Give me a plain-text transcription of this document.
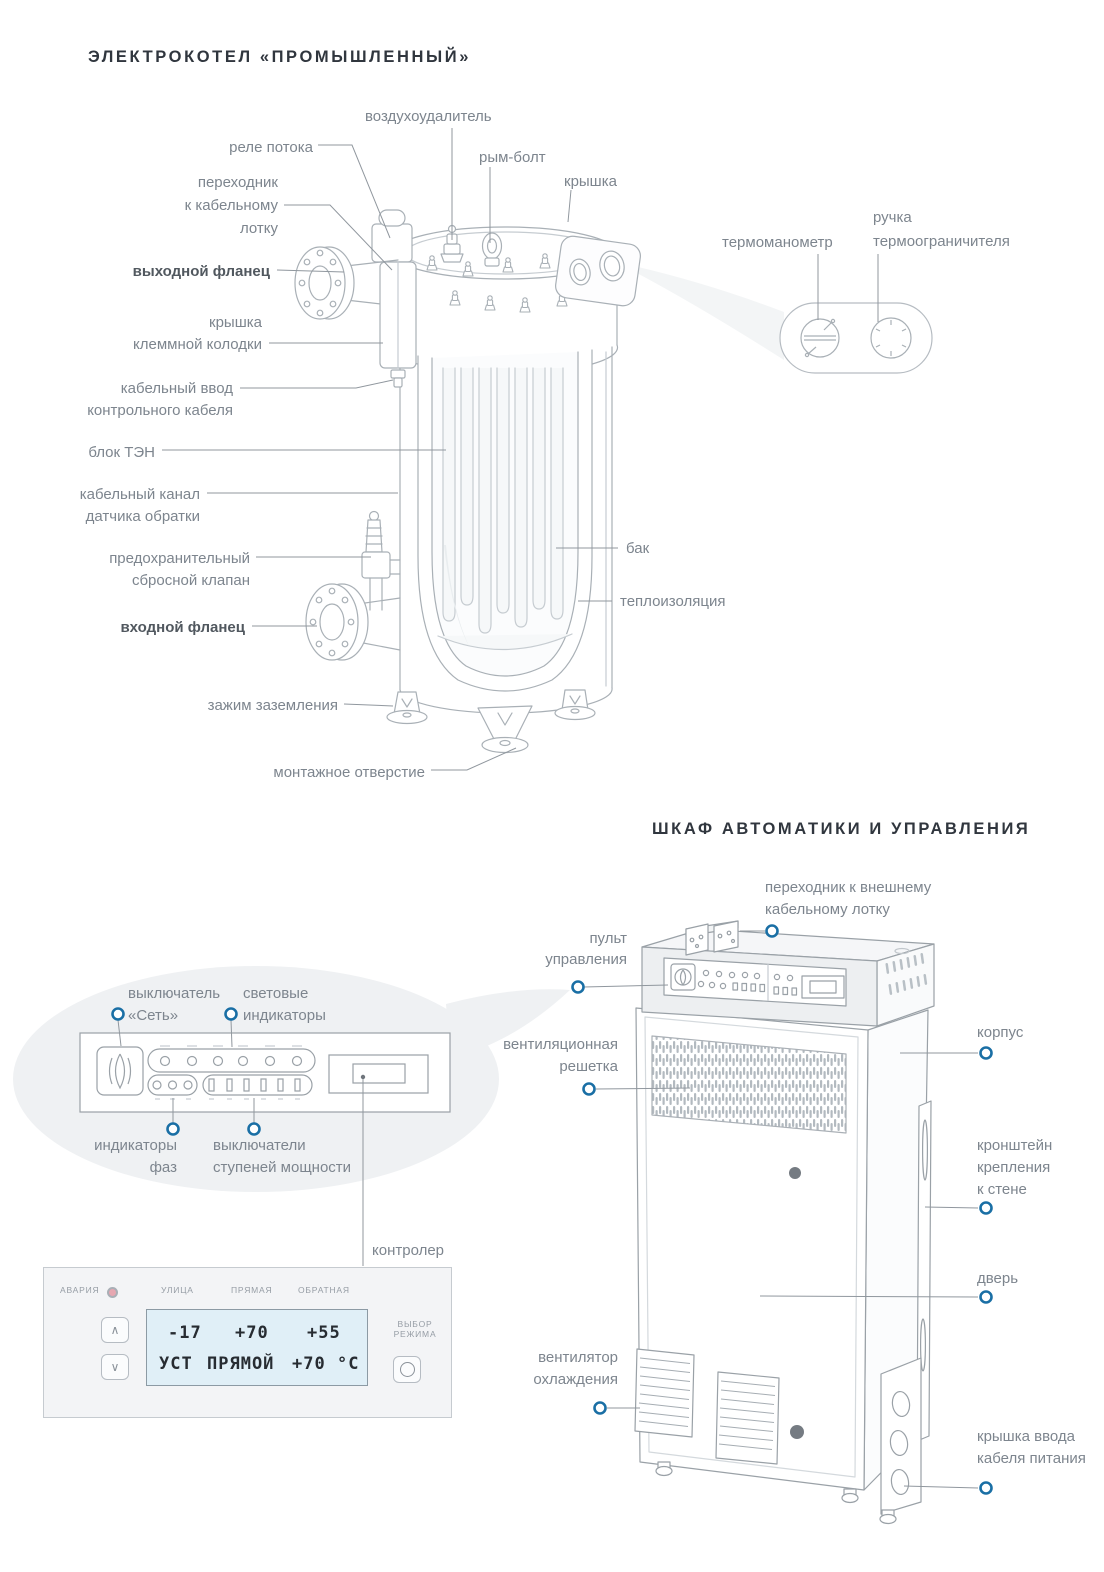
ЭЛЕКТРОКОТЕЛ «ПРОМЫШЛЕННЫЙ»
ШКАФ АВТОМАТИКИ И УПРАВЛЕНИЯ
воздухоудалитель
реле потока
переходник
к кабельному
лотку
рым-болт
крышка
выходной фланец
крышка
клеммной колодки
кабельный ввод
контрольного кабеля
блок ТЭН
кабельный канал
датчика обратки
предохранительный
сбросной клапан
входной фланец
зажим заземления
монтажное отверстие
бак
теплоизоляция
термоманометр
ручка
термоограничителя
переходник к внешнему
кабельному лотку
пульт
управления
корпус
вентиляционная
решетка
кронштейн
крепления
к стене
дверь
вентилятор
охлаждения
крышка ввода
кабеля питания
выключатель
«Сеть»
световые
индикаторы
индикаторы
фаз
выключатели
ступеней мощности
контролер
АВАРИЯ	УЛИЦА	ПРЯМАЯ	ОБРАТНАЯ
∧
∨
-17 +70 +55
УСТ ПРЯМОЙ +70 °C
ВЫБОР
РЕЖИМА
